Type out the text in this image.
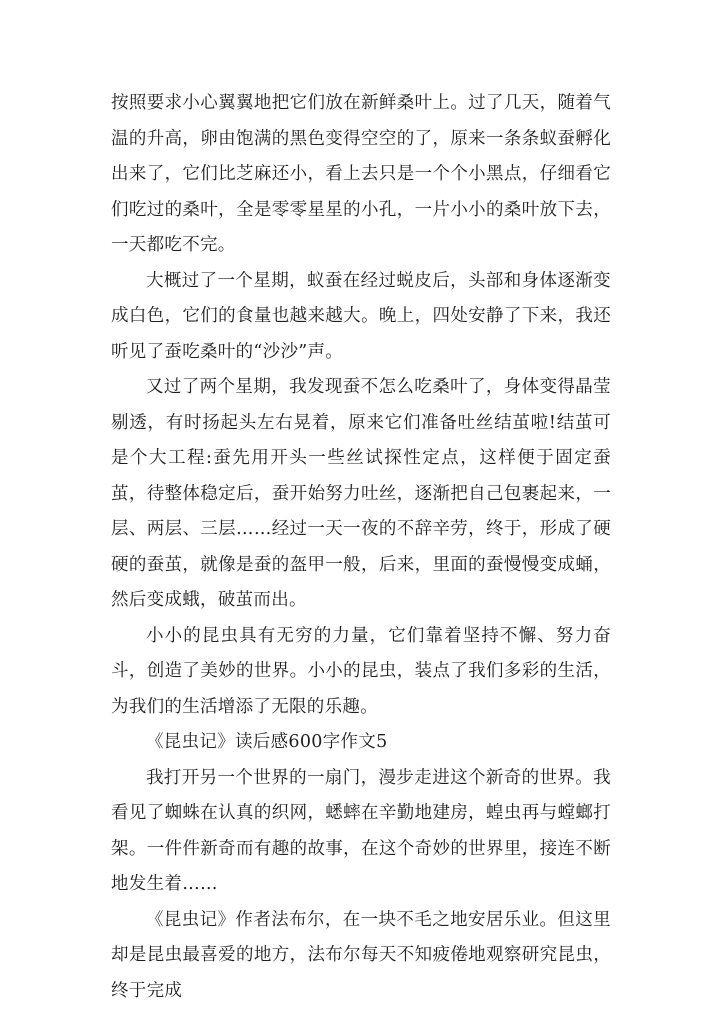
按照要求小心翼翼地把它们放在新鲜桑叶上。过了几天，随着气温的升高，卵由饱满的黑色变得空空的了，原来一条条蚁蚕孵化出来了，它们比芝麻还小，看上去只是一个个小黑点，仔细看它们吃过的桑叶，全是零零星星的小孔，一片小小的桑叶放下去，一天都吃不完。

大概过了一个星期，蚁蚕在经过蜕皮后，头部和身体逐渐变成白色，它们的食量也越来越大。晚上，四处安静了下来，我还听见了蚕吃桑叶的“沙沙”声。

又过了两个星期，我发现蚕不怎么吃桑叶了，身体变得晶莹剔透，有时扬起头左右晃着，原来它们准备吐丝结茧啦!结茧可是个大工程:蚕先用开头一些丝试探性定点，这样便于固定蚕茧，待整体稳定后，蚕开始努力吐丝，逐渐把自己包裹起来，一层、两层、三层……经过一天一夜的不辞辛劳，终于，形成了硬硬的蚕茧，就像是蚕的盔甲一般，后来，里面的蚕慢慢变成蛹，然后变成蛾，破茧而出。

小小的昆虫具有无穷的力量，它们靠着坚持不懈、努力奋斗，创造了美妙的世界。小小的昆虫，装点了我们多彩的生活，为我们的生活增添了无限的乐趣。

《昆虫记》读后感600字作文5

我打开另一个世界的一扇门，漫步走进这个新奇的世界。我看见了蜘蛛在认真的织网，蟋蟀在辛勤地建房，蝗虫再与螳螂打架。一件件新奇而有趣的故事，在这个奇妙的世界里，接连不断地发生着……

《昆虫记》作者法布尔，在一块不毛之地安居乐业。但这里却是昆虫最喜爱的地方，法布尔每天不知疲倦地观察研究昆虫，终于完成
